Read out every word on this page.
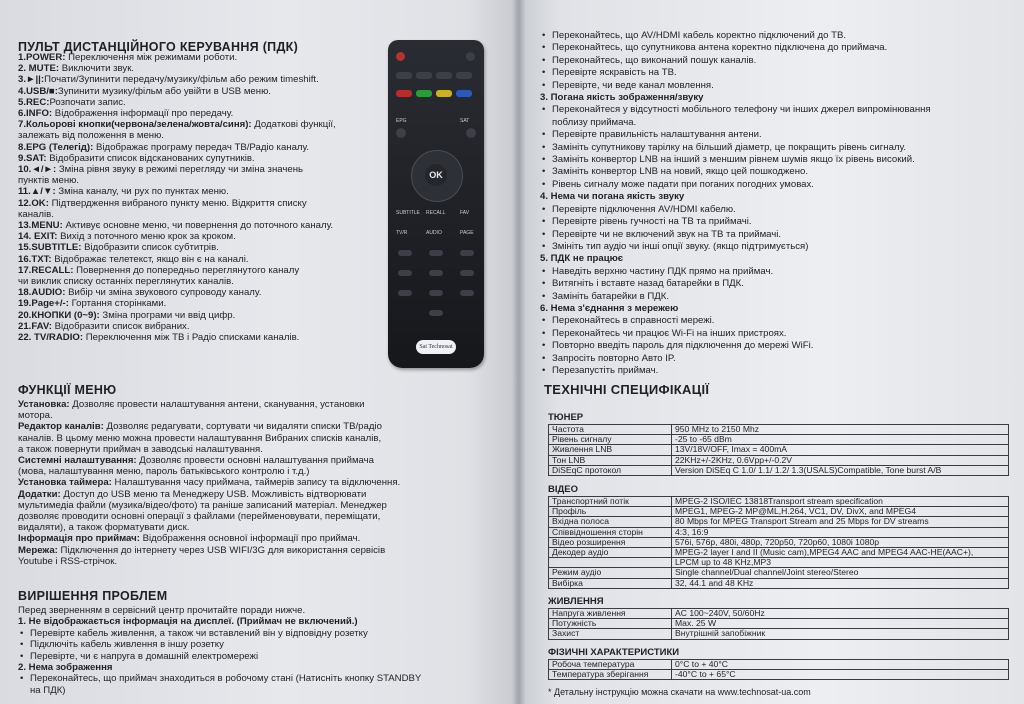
ПУЛЬТ ДИСТАНЦІЙНОГО КЕРУВАННЯ (ПДК)
1.POWER: Переключення між режимами роботи.
2. MUTE: Виключити звук.
3.►||:Почати/Зупинити передачу/музику/фільм або режим timeshift.
4.USB/■:Зупинити музику/фільм або увійти в USB меню.
5.REC:Розпочати запис.
6.INFO: Відображення інформації про передачу.
7.Кольорові кнопки(червона/зелена/жовта/синя): Додаткові функції,
залежать від положення в меню.
8.EPG (Телегід): Відображає програму передач ТВ/Радіо каналу.
9.SAT: Відобразити список відсканованих супутників.
10.◄/►: Зміна рівня звуку в режимі перегляду чи зміна значень
пунктів меню.
11.▲/▼: Зміна каналу, чи рух по пунктах меню.
12.OK: Підтвердження вибраного пункту меню. Відкриття списку
каналів.
13.MENU: Активує основне меню, чи повернення до поточного каналу.
14. EXIT: Вихід з поточного меню крок за кроком.
15.SUBTITLE: Відобразити список субтитрів.
16.TXT: Відображає телетекст, якщо він є на каналі.
17.RECALL: Повернення до попередньо переглянутого каналу
чи виклик списку останніх переглянутих каналів.
18.AUDIO: Вибір чи зміна звукового супроводу каналу.
19.Page+/-: Гортання сторінками.
20.КНОПКИ (0~9): Зміна програми чи ввід цифр.
21.FAV: Відобразити список вибраних.
22. TV/RADIO: Переключення між ТВ і Радіо списками каналів.
EPG	SAT
OK
SUBTITLE RECALL	FAV
TV/R	AUDIO	PAGE
Sat Technosat
ФУНКЦІЇ МЕНЮ
Установка: Дозволяє провести налаштування антени, сканування, установки
мотора.
Редактор каналів: Дозволяє редагувати, сортувати чи видаляти списки ТВ/радіо
каналів. В цьому меню можна провести налаштування Вибраних списків каналів,
а також повернути приймач в заводські налаштування.
Системні налаштування: Дозволяє провести основні налаштування приймача
(мова, налаштування меню, пароль батьківського контролю і т.д.)
Установка таймера: Налаштування часу приймача, таймерів запису та відключення.
Додатки: Доступ до USB меню та Менеджеру USB. Можливість відтворювати
мультимедіа файли (музика/відео/фото) та раніше записаний матеріал. Менеджер
дозволяє проводити основні операції з файлами (перейменовувати, переміщати,
видаляти), а також форматувати диск.
Інформація про приймач: Відображення основної інформації про приймач.
Мережа: Підключення до інтернету через USB WIFI/3G для використання сервісів
Youtube і RSS-стрічок.
ВИРІШЕННЯ ПРОБЛЕМ
Перед зверненням в сервісний центр прочитайте поради нижче.
1. Не відображається інформація на дисплеї. (Приймач не включений.)
• Перевірте кабель живлення, а також чи вставлений він у відповідну розетку
• Підключіть кабель живлення в іншу розетку
• Перевірте, чи є напруга в домашній електромережі
2. Нема зображення
• Переконайтесь, що приймач знаходиться в робочому стані (Натисніть кнопку STANDBY
на ПДК)
• Переконайтесь, що AV/HDMI кабель коректно підключений до ТВ.
• Переконайтесь, що супутникова антена коректно підключена до приймача.
• Переконайтесь, що виконаний пошук каналів.
• Перевірте яскравість на ТВ.
• Перевірте, чи веде канал мовлення.
3. Погана якість зображення/звуку
• Переконайтеся у відсутності мобільного телефону чи інших джерел випромінювання
поблизу приймача.
• Перевірте правильність налаштування антени.
• Замініть супутникову тарілку на більший діаметр, це покращить рівень сигналу.
• Замініть конвертор LNB на інший з меншим рівнем шумів якщо їх рівень високий.
• Замініть конвертор LNB на новий, якщо цей пошкоджено.
• Рівень сигналу може падати при поганих погодних умовах.
4. Нема чи погана якість звуку
• Перевірте підключення AV/HDMI кабелю.
• Перевірте рівень гучності на ТВ та приймачі.
• Перевірте чи не включений звук на ТВ та приймачі.
• Змініть тип аудіо чи інші опції звуку. (якщо підтримується)
5. ПДК не працює
• Наведіть верхню частину ПДК прямо на приймач.
• Витягніть і вставте назад батарейки в ПДК.
• Замініть батарейки в ПДК.
6. Нема з'єднання з мережею
• Переконайтесь в справності мережі.
• Переконайтесь чи працює Wi-Fi на інших пристроях.
• Повторно введіть пароль для підключення до мережі WiFi.
• Запросіть повторно Авто IP.
• Перезапустіть приймач.
ТЕХНІЧНІ СПЕЦИФІКАЦІЇ
ТЮНЕР
Частота	950 MHz to 2150 Mhz
Рівень сигналу	-25 to -65 dBm
Живлення LNB	13V/18V/OFF, Imax = 400mA
Тон LNB	22KHz+/-2KHz, 0.6Vpp+/-0.2V
DiSEqC протокол	Version DiSEq C 1.0/ 1.1/ 1.2/ 1.3(USALS)Compatible, Tone burst A/B
ВІДЕО
Транспортний потік	MPEG-2 ISO/IEC 13818Transport stream specification
Профіль	MPEG1, MPEG-2 MP@ML,H.264, VC1, DV, DivX, and MPEG4
Вхідна полоса	80 Mbps for MPEG Transport Stream and 25 Mbps for DV streams
Співвідношення сторін	4:3, 16:9
Відео розширення	576i, 576p, 480i, 480p, 720p50, 720p60, 1080i 1080p
Декодер аудіо	MPEG-2 layer I and II (Music cam),MPEG4 AAC and MPEG4 AAC-HE(AAC+),
	LPCM up to 48 KHz,MP3
Режим аудіо	Single channel/Dual channel/Joint stereo/Stereo
Вибірка	32, 44.1 and 48 KHz
ЖИВЛЕННЯ
Напруга живлення	AC 100~240V, 50/60Hz
Потужність	Max. 25 W
Захист	Внутрішній запобіжник
ФІЗИЧНІ ХАРАКТЕРИСТИКИ
Робоча температура	0°C to + 40°C
Температура зберігання	-40°C to + 65°C
* Детальну інструкцію можна скачати на www.technosat-ua.com
